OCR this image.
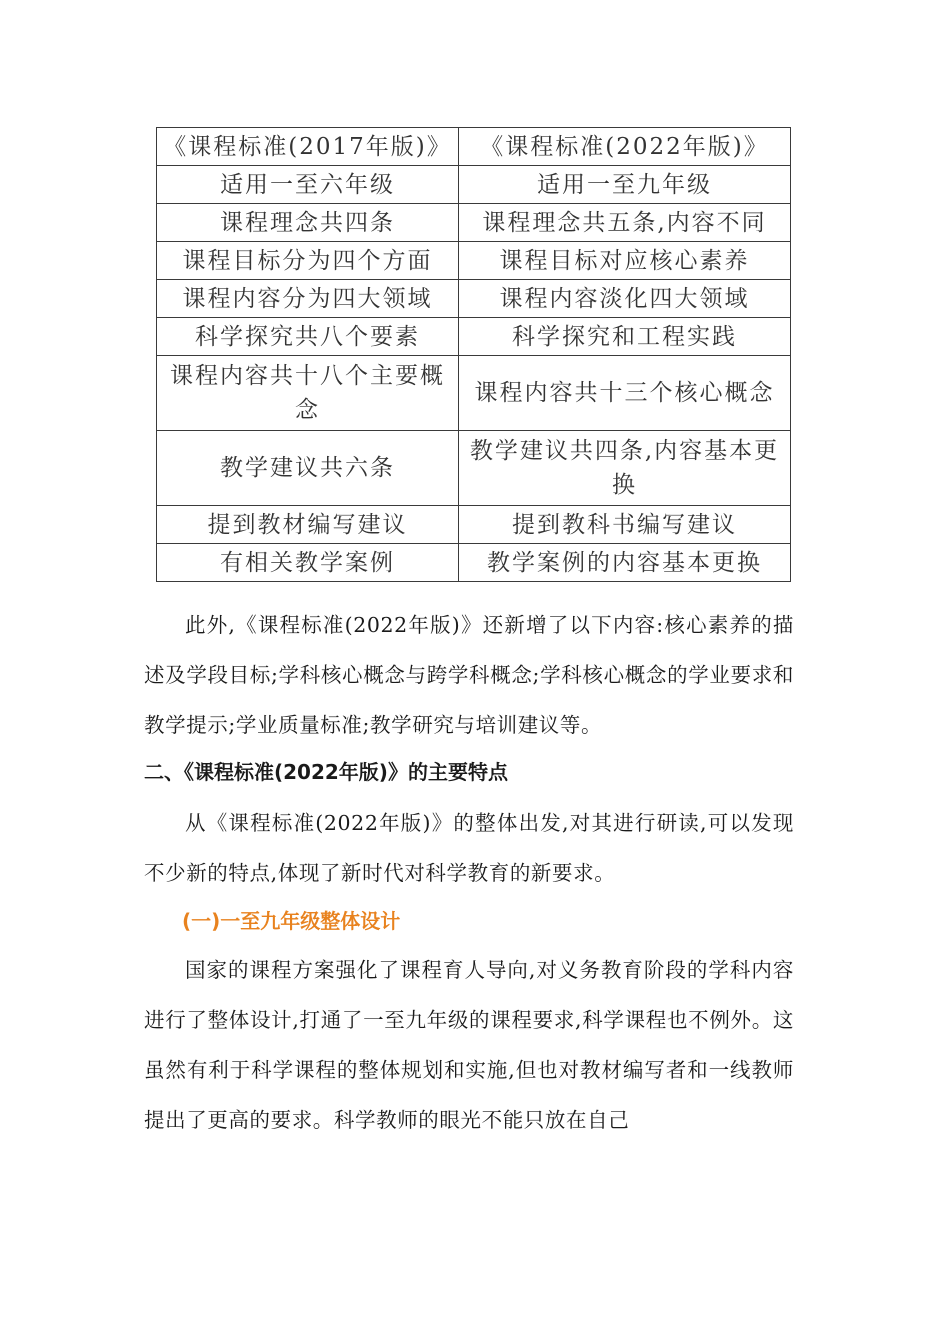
《课程标准(2017年版)》	《课程标准(2022年版)》
适用一至六年级	适用一至九年级
课程理念共四条	课程理念共五条,内容不同
课程目标分为四个方面	课程目标对应核心素养
课程内容分为四大领域	课程内容淡化四大领域
科学探究共八个要素	科学探究和工程实践
课程内容共十八个主要概念	课程内容共十三个核心概念
教学建议共六条	教学建议共四条,内容基本更换
提到教材编写建议	提到教科书编写建议
有相关教学案例	教学案例的内容基本更换

此外,《课程标准(2022年版)》还新增了以下内容:核心素养的描述及学段目标;学科核心概念与跨学科概念;学科核心概念的学业要求和教学提示;学业质量标准;教学研究与培训建议等。

二、《课程标准(2022年版)》的主要特点

从《课程标准(2022年版)》的整体出发,对其进行研读,可以发现不少新的特点,体现了新时代对科学教育的新要求。

(一)一至九年级整体设计

国家的课程方案强化了课程育人导向,对义务教育阶段的学科内容进行了整体设计,打通了一至九年级的课程要求,科学课程也不例外。这虽然有利于科学课程的整体规划和实施,但也对教材编写者和一线教师提出了更高的要求。科学教师的眼光不能只放在自己
